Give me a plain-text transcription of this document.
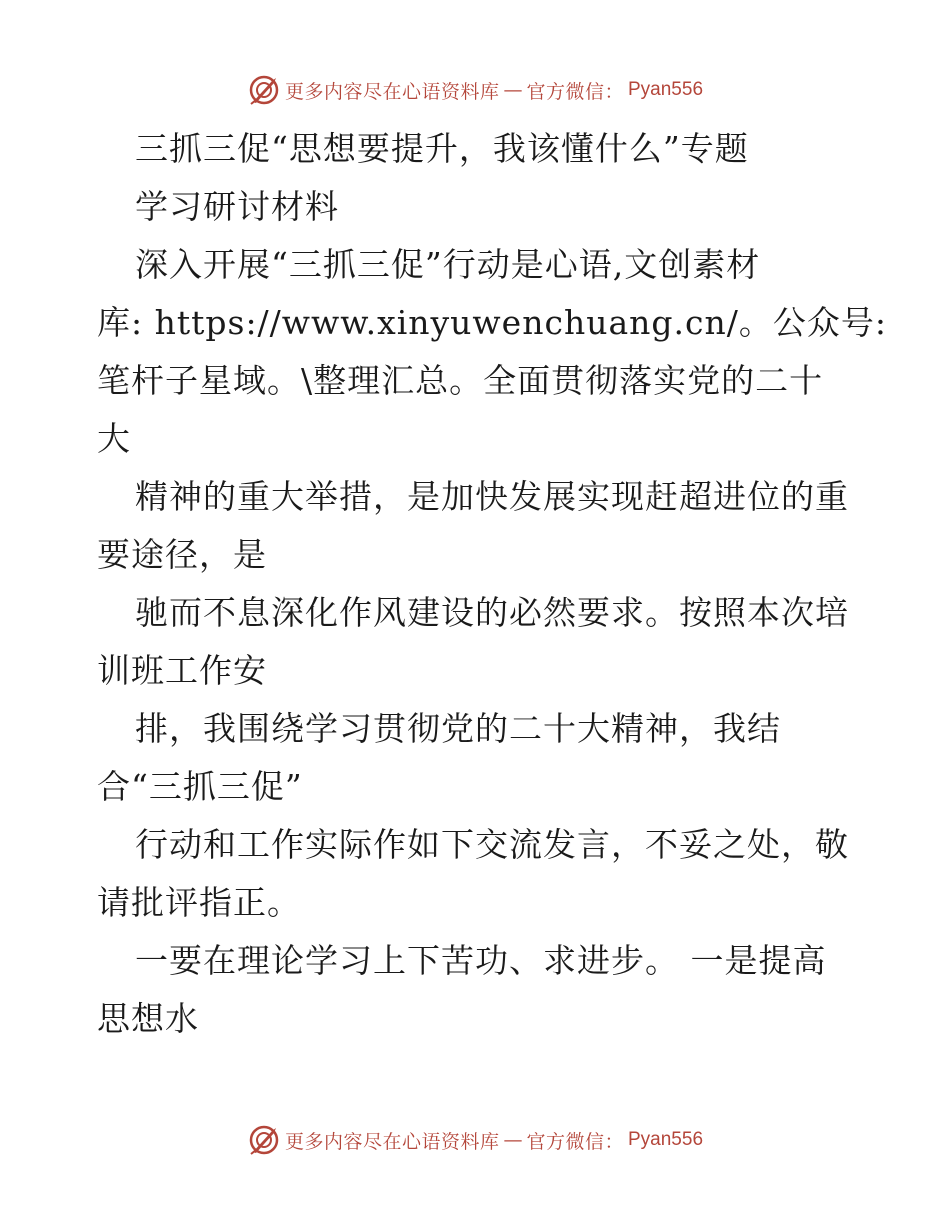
更多内容尽在心语资料库 — 官方微信： Pyan556
三抓三促“思想要提升，我该懂什么”专题
学习研讨材料
深入开展“三抓三促”行动是心语,文创素材
库: https://www.xinyuwenchuang.cn/。公众号:
笔杆子星域。\整理汇总。全面贯彻落实党的二十
大
精神的重大举措，是加快发展实现赶超进位的重
要途径，是
驰而不息深化作风建设的必然要求。按照本次培
训班工作安
排，我围绕学习贯彻党的二十大精神，我结
合“三抓三促”
行动和工作实际作如下交流发言，不妥之处，敬
请批评指正。
一要在理论学习上下苦功、求进步。 一是提高
思想水
更多内容尽在心语资料库 — 官方微信： Pyan556
